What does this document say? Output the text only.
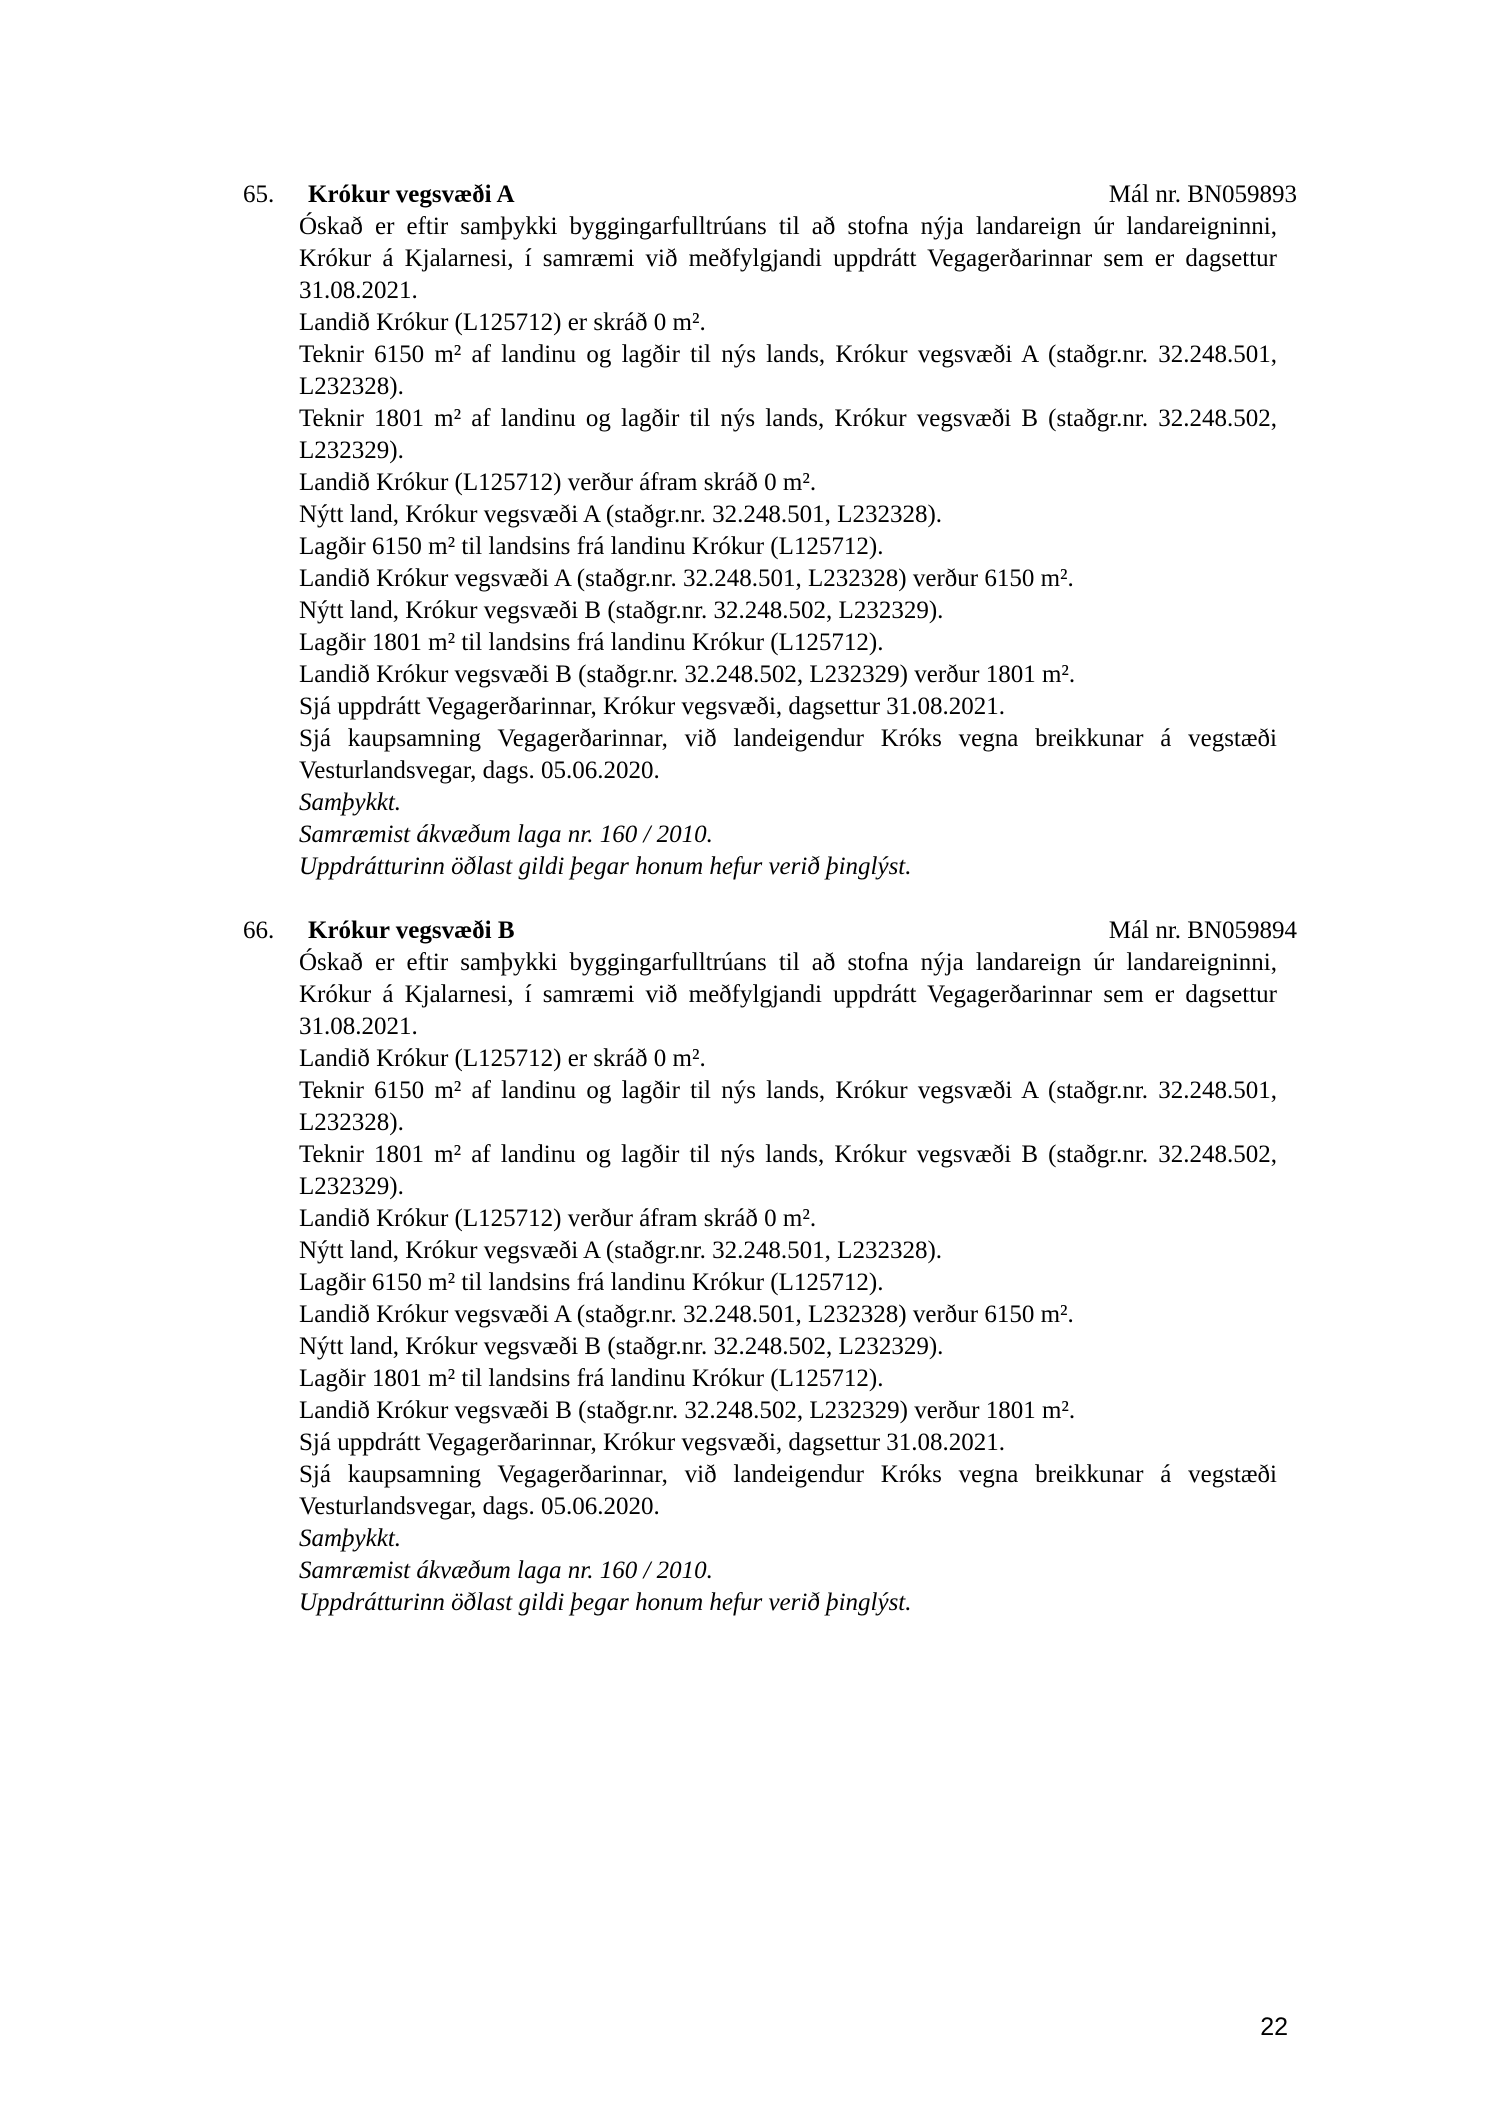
65. Krókur vegsvæði A	Mál nr. BN059893

Óskað er eftir samþykki byggingarfulltrúans til að stofna nýja landareign úr landareigninni, Krókur á Kjalarnesi, í samræmi við meðfylgjandi uppdrátt Vegagerðarinnar sem er dagsettur 31.08.2021.

Landið Krókur (L125712) er skráð 0 m².

Teknir 6150 m² af landinu og lagðir til nýs lands, Krókur vegsvæði A (staðgr.nr. 32.248.501, L232328).

Teknir 1801 m² af landinu og lagðir til nýs lands, Krókur vegsvæði B (staðgr.nr. 32.248.502, L232329).

Landið Krókur (L125712) verður áfram skráð 0 m².

Nýtt land, Krókur vegsvæði A (staðgr.nr. 32.248.501, L232328).

Lagðir 6150 m² til landsins frá landinu Krókur (L125712).

Landið Krókur vegsvæði A (staðgr.nr. 32.248.501, L232328) verður 6150 m².

Nýtt land, Krókur vegsvæði B (staðgr.nr. 32.248.502, L232329).

Lagðir 1801 m² til landsins frá landinu Krókur (L125712).

Landið Krókur vegsvæði B (staðgr.nr. 32.248.502, L232329) verður 1801 m².

Sjá uppdrátt Vegagerðarinnar, Krókur vegsvæði, dagsettur 31.08.2021.

Sjá kaupsamning Vegagerðarinnar, við landeigendur Króks vegna breikkunar á vegstæði Vesturlandsvegar, dags. 05.06.2020.

Samþykkt.

Samræmist ákvæðum laga nr. 160 / 2010.

Uppdrátturinn öðlast gildi þegar honum hefur verið þinglýst.

66. Krókur vegsvæði B	Mál nr. BN059894

Óskað er eftir samþykki byggingarfulltrúans til að stofna nýja landareign úr landareigninni, Krókur á Kjalarnesi, í samræmi við meðfylgjandi uppdrátt Vegagerðarinnar sem er dagsettur 31.08.2021.

Landið Krókur (L125712) er skráð 0 m².

Teknir 6150 m² af landinu og lagðir til nýs lands, Krókur vegsvæði A (staðgr.nr. 32.248.501, L232328).

Teknir 1801 m² af landinu og lagðir til nýs lands, Krókur vegsvæði B (staðgr.nr. 32.248.502, L232329).

Landið Krókur (L125712) verður áfram skráð 0 m².

Nýtt land, Krókur vegsvæði A (staðgr.nr. 32.248.501, L232328).

Lagðir 6150 m² til landsins frá landinu Krókur (L125712).

Landið Krókur vegsvæði A (staðgr.nr. 32.248.501, L232328) verður 6150 m².

Nýtt land, Krókur vegsvæði B (staðgr.nr. 32.248.502, L232329).

Lagðir 1801 m² til landsins frá landinu Krókur (L125712).

Landið Krókur vegsvæði B (staðgr.nr. 32.248.502, L232329) verður 1801 m².

Sjá uppdrátt Vegagerðarinnar, Krókur vegsvæði, dagsettur 31.08.2021.

Sjá kaupsamning Vegagerðarinnar, við landeigendur Króks vegna breikkunar á vegstæði Vesturlandsvegar, dags. 05.06.2020.

Samþykkt.

Samræmist ákvæðum laga nr. 160 / 2010.

Uppdrátturinn öðlast gildi þegar honum hefur verið þinglýst.

22
